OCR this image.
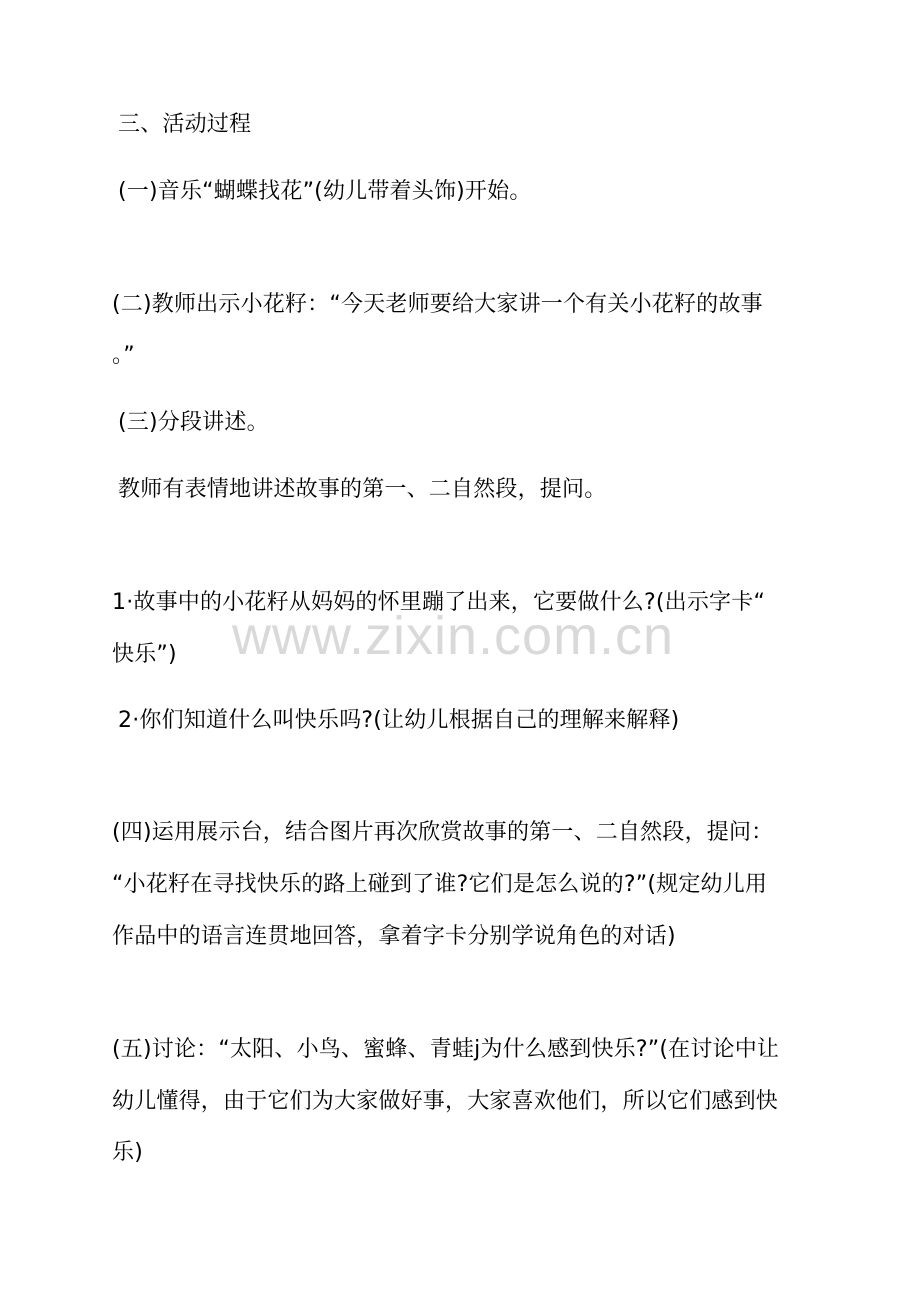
三、活动过程
(一)音乐“蝴蝶找花”(幼儿带着头饰)开始。
(二)教师出示小花籽：“今天老师要给大家讲一个有关小花籽的故事
。”
(三)分段讲述。
教师有表情地讲述故事的第一、二自然段，提问。
1·故事中的小花籽从妈妈的怀里蹦了出来，它要做什么?(出示字卡“
快乐”)
2·你们知道什么叫快乐吗?(让幼儿根据自己的理解来解释)
(四)运用展示台，结合图片再次欣赏故事的第一、二自然段，提问：
“小花籽在寻找快乐的路上碰到了谁?它们是怎么说的?”(规定幼儿用
作品中的语言连贯地回答，拿着字卡分别学说角色的对话)
(五)讨论：“太阳、小鸟、蜜蜂、青蛙j为什么感到快乐?”(在讨论中让
幼儿懂得，由于它们为大家做好事，大家喜欢他们，所以它们感到快
乐)
www.zixin.com.cn
